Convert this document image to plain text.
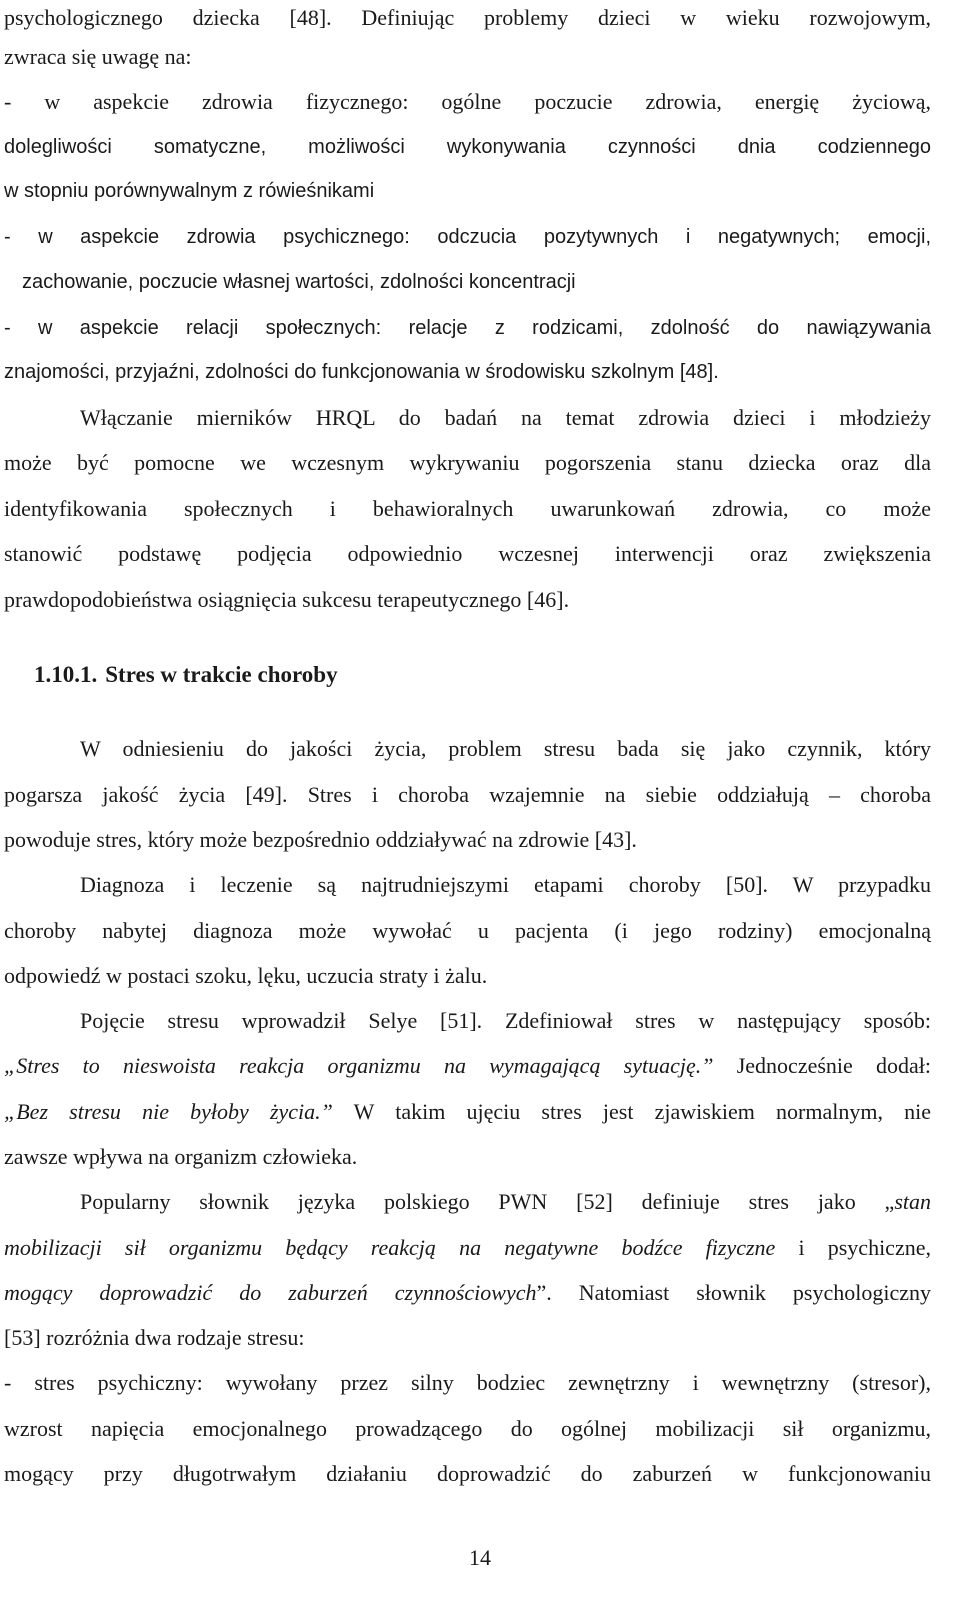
psychologicznego dziecka [48]. Definiując problemy dzieci w wieku rozwojowym,
zwraca się uwagę na:
- w aspekcie zdrowia fizycznego: ogólne poczucie zdrowia, energię życiową,
dolegliwości somatyczne, możliwości wykonywania czynności dnia codziennego
w stopniu porównywalnym z rówieśnikami
- w aspekcie zdrowia psychicznego: odczucia pozytywnych i negatywnych; emocji,
zachowanie, poczucie własnej wartości, zdolności koncentracji
- w aspekcie relacji społecznych: relacje z rodzicami, zdolność do nawiązywania
znajomości, przyjaźni, zdolności do funkcjonowania w środowisku szkolnym [48].
Włączanie mierników HRQL do badań na temat zdrowia dzieci i młodzieży
może być pomocne we wczesnym wykrywaniu pogorszenia stanu dziecka oraz dla
identyfikowania społecznych i behawioralnych uwarunkowań zdrowia, co może
stanowić podstawę podjęcia odpowiednio wczesnej interwencji oraz zwiększenia
prawdopodobieństwa osiągnięcia sukcesu terapeutycznego [46].
1.10.1. Stres w trakcie choroby
W odniesieniu do jakości życia, problem stresu bada się jako czynnik, który
pogarsza jakość życia [49]. Stres i choroba wzajemnie na siebie oddziałują – choroba
powoduje stres, który może bezpośrednio oddziaływać na zdrowie [43].
Diagnoza i leczenie są najtrudniejszymi etapami choroby [50]. W przypadku
choroby nabytej diagnoza może wywołać u pacjenta (i jego rodziny) emocjonalną
odpowiedź w postaci szoku, lęku, uczucia straty i żalu.
Pojęcie stresu wprowadził Selye [51]. Zdefiniował stres w następujący sposób:
„Stres to nieswoista reakcja organizmu na wymagającą sytuację.” Jednocześnie dodał:
„Bez stresu nie byłoby życia.” W takim ujęciu stres jest zjawiskiem normalnym, nie
zawsze wpływa na organizm człowieka.
Popularny słownik języka polskiego PWN [52] definiuje stres jako „stan
mobilizacji sił organizmu będący reakcją na negatywne bodźce fizyczne i psychiczne,
mogący doprowadzić do zaburzeń czynnościowych”. Natomiast słownik psychologiczny
[53] rozróżnia dwa rodzaje stresu:
- stres psychiczny: wywołany przez silny bodziec zewnętrzny i wewnętrzny (stresor),
wzrost napięcia emocjonalnego prowadzącego do ogólnej mobilizacji sił organizmu,
mogący przy długotrwałym działaniu doprowadzić do zaburzeń w funkcjonowaniu
14
